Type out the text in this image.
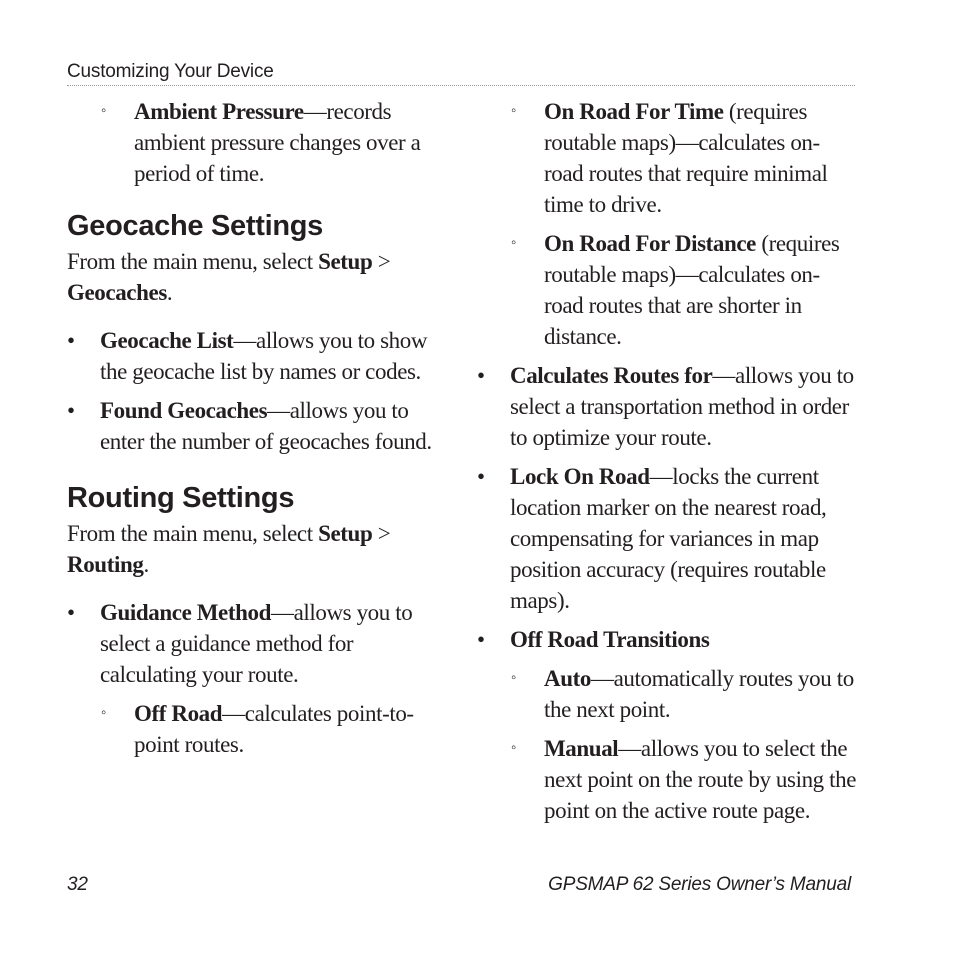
Customizing Your Device
◦ Ambient Pressure—records ambient pressure changes over a period of time.
Geocache Settings

From the main menu, select Setup > Geocaches.

• Geocache List—allows you to show the geocache list by names or codes.
• Found Geocaches—allows you to enter the number of geocaches found.
Routing Settings

From the main menu, select Setup > Routing.

• Guidance Method—allows you to select a guidance method for calculating your route.
◦ Off Road—calculates point-to-point routes.
◦ On Road For Time (requires routable maps)—calculates on-road routes that require minimal time to drive.
◦ On Road For Distance (requires routable maps)—calculates on-road routes that are shorter in distance.
• Calculates Routes for—allows you to select a transportation method in order to optimize your route.
• Lock On Road—locks the current location marker on the nearest road, compensating for variances in map position accuracy (requires routable maps).
• Off Road Transitions
◦ Auto—automatically routes you to the next point.
◦ Manual—allows you to select the next point on the route by using the point on the active route page.
32	GPSMAP 62 Series Owner’s Manual
